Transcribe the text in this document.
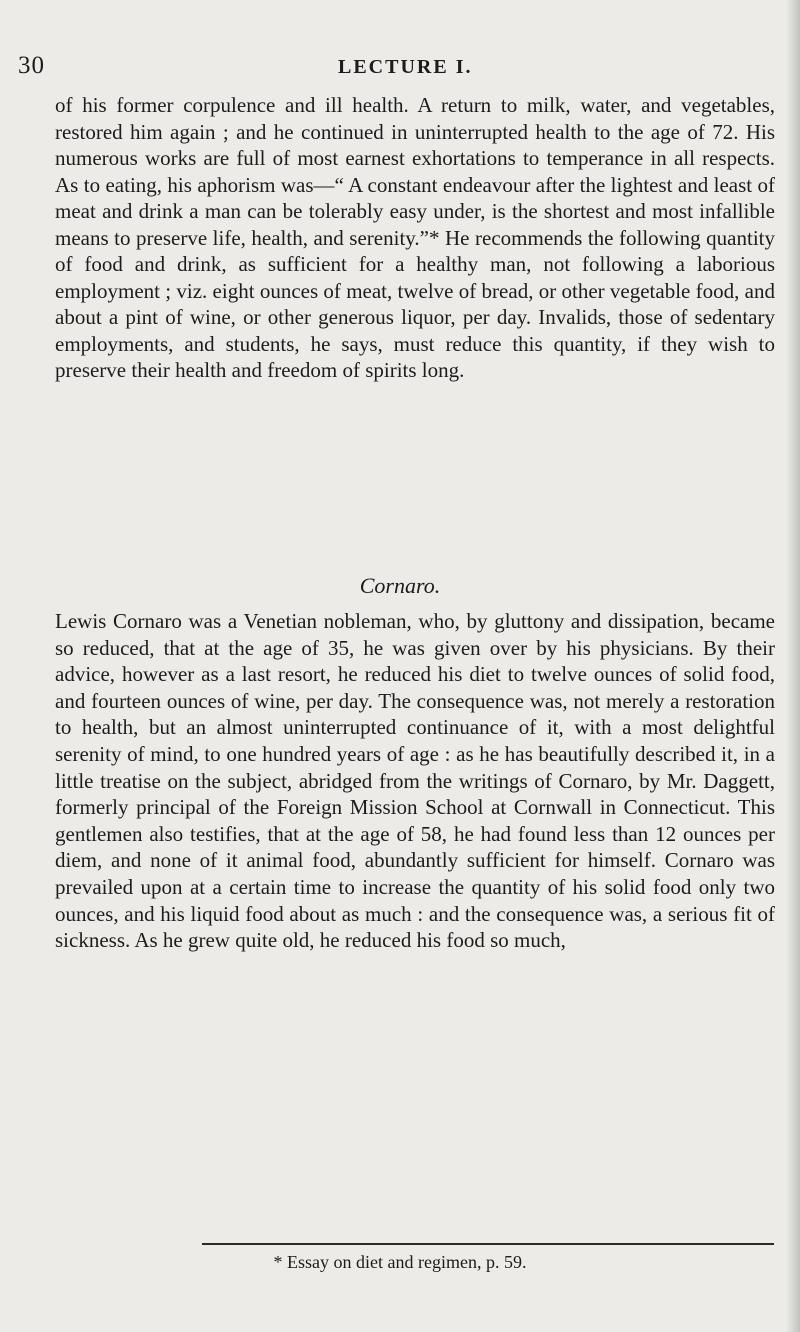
30	LECTURE I.

of his former corpulence and ill health. A return to milk, water, and vegetables, restored him again ; and he continued in uninterrupted health to the age of 72. His numerous works are full of most earnest exhortations to temperance in all respects. As to eating, his aphorism was—“ A constant endeavour after the lightest and least of meat and drink a man can be tolerably easy under, is the shortest and most infallible means to preserve life, health, and serenity.”* He recommends the following quantity of food and drink, as sufficient for a healthy man, not following a laborious employment ; viz. eight ounces of meat, twelve of bread, or other vegetable food, and about a pint of wine, or other generous liquor, per day. Invalids, those of sedentary employments, and students, he says, must reduce this quantity, if they wish to preserve their health and freedom of spirits long.

Cornaro.

Lewis Cornaro was a Venetian nobleman, who, by gluttony and dissipation, became so reduced, that at the age of 35, he was given over by his physicians. By their advice, however as a last resort, he reduced his diet to twelve ounces of solid food, and fourteen ounces of wine, per day. The consequence was, not merely a restoration to health, but an almost uninterrupted continuance of it, with a most delightful serenity of mind, to one hundred years of age : as he has beautifully described it, in a little treatise on the subject, abridged from the writings of Cornaro, by Mr. Daggett, formerly principal of the Foreign Mission School at Cornwall in Connecticut. This gentlemen also testifies, that at the age of 58, he had found less than 12 ounces per diem, and none of it animal food, abundantly sufficient for himself. Cornaro was prevailed upon at a certain time to increase the quantity of his solid food only two ounces, and his liquid food about as much : and the consequence was, a serious fit of sickness. As he grew quite old, he reduced his food so much,

* Essay on diet and regimen, p. 59.
